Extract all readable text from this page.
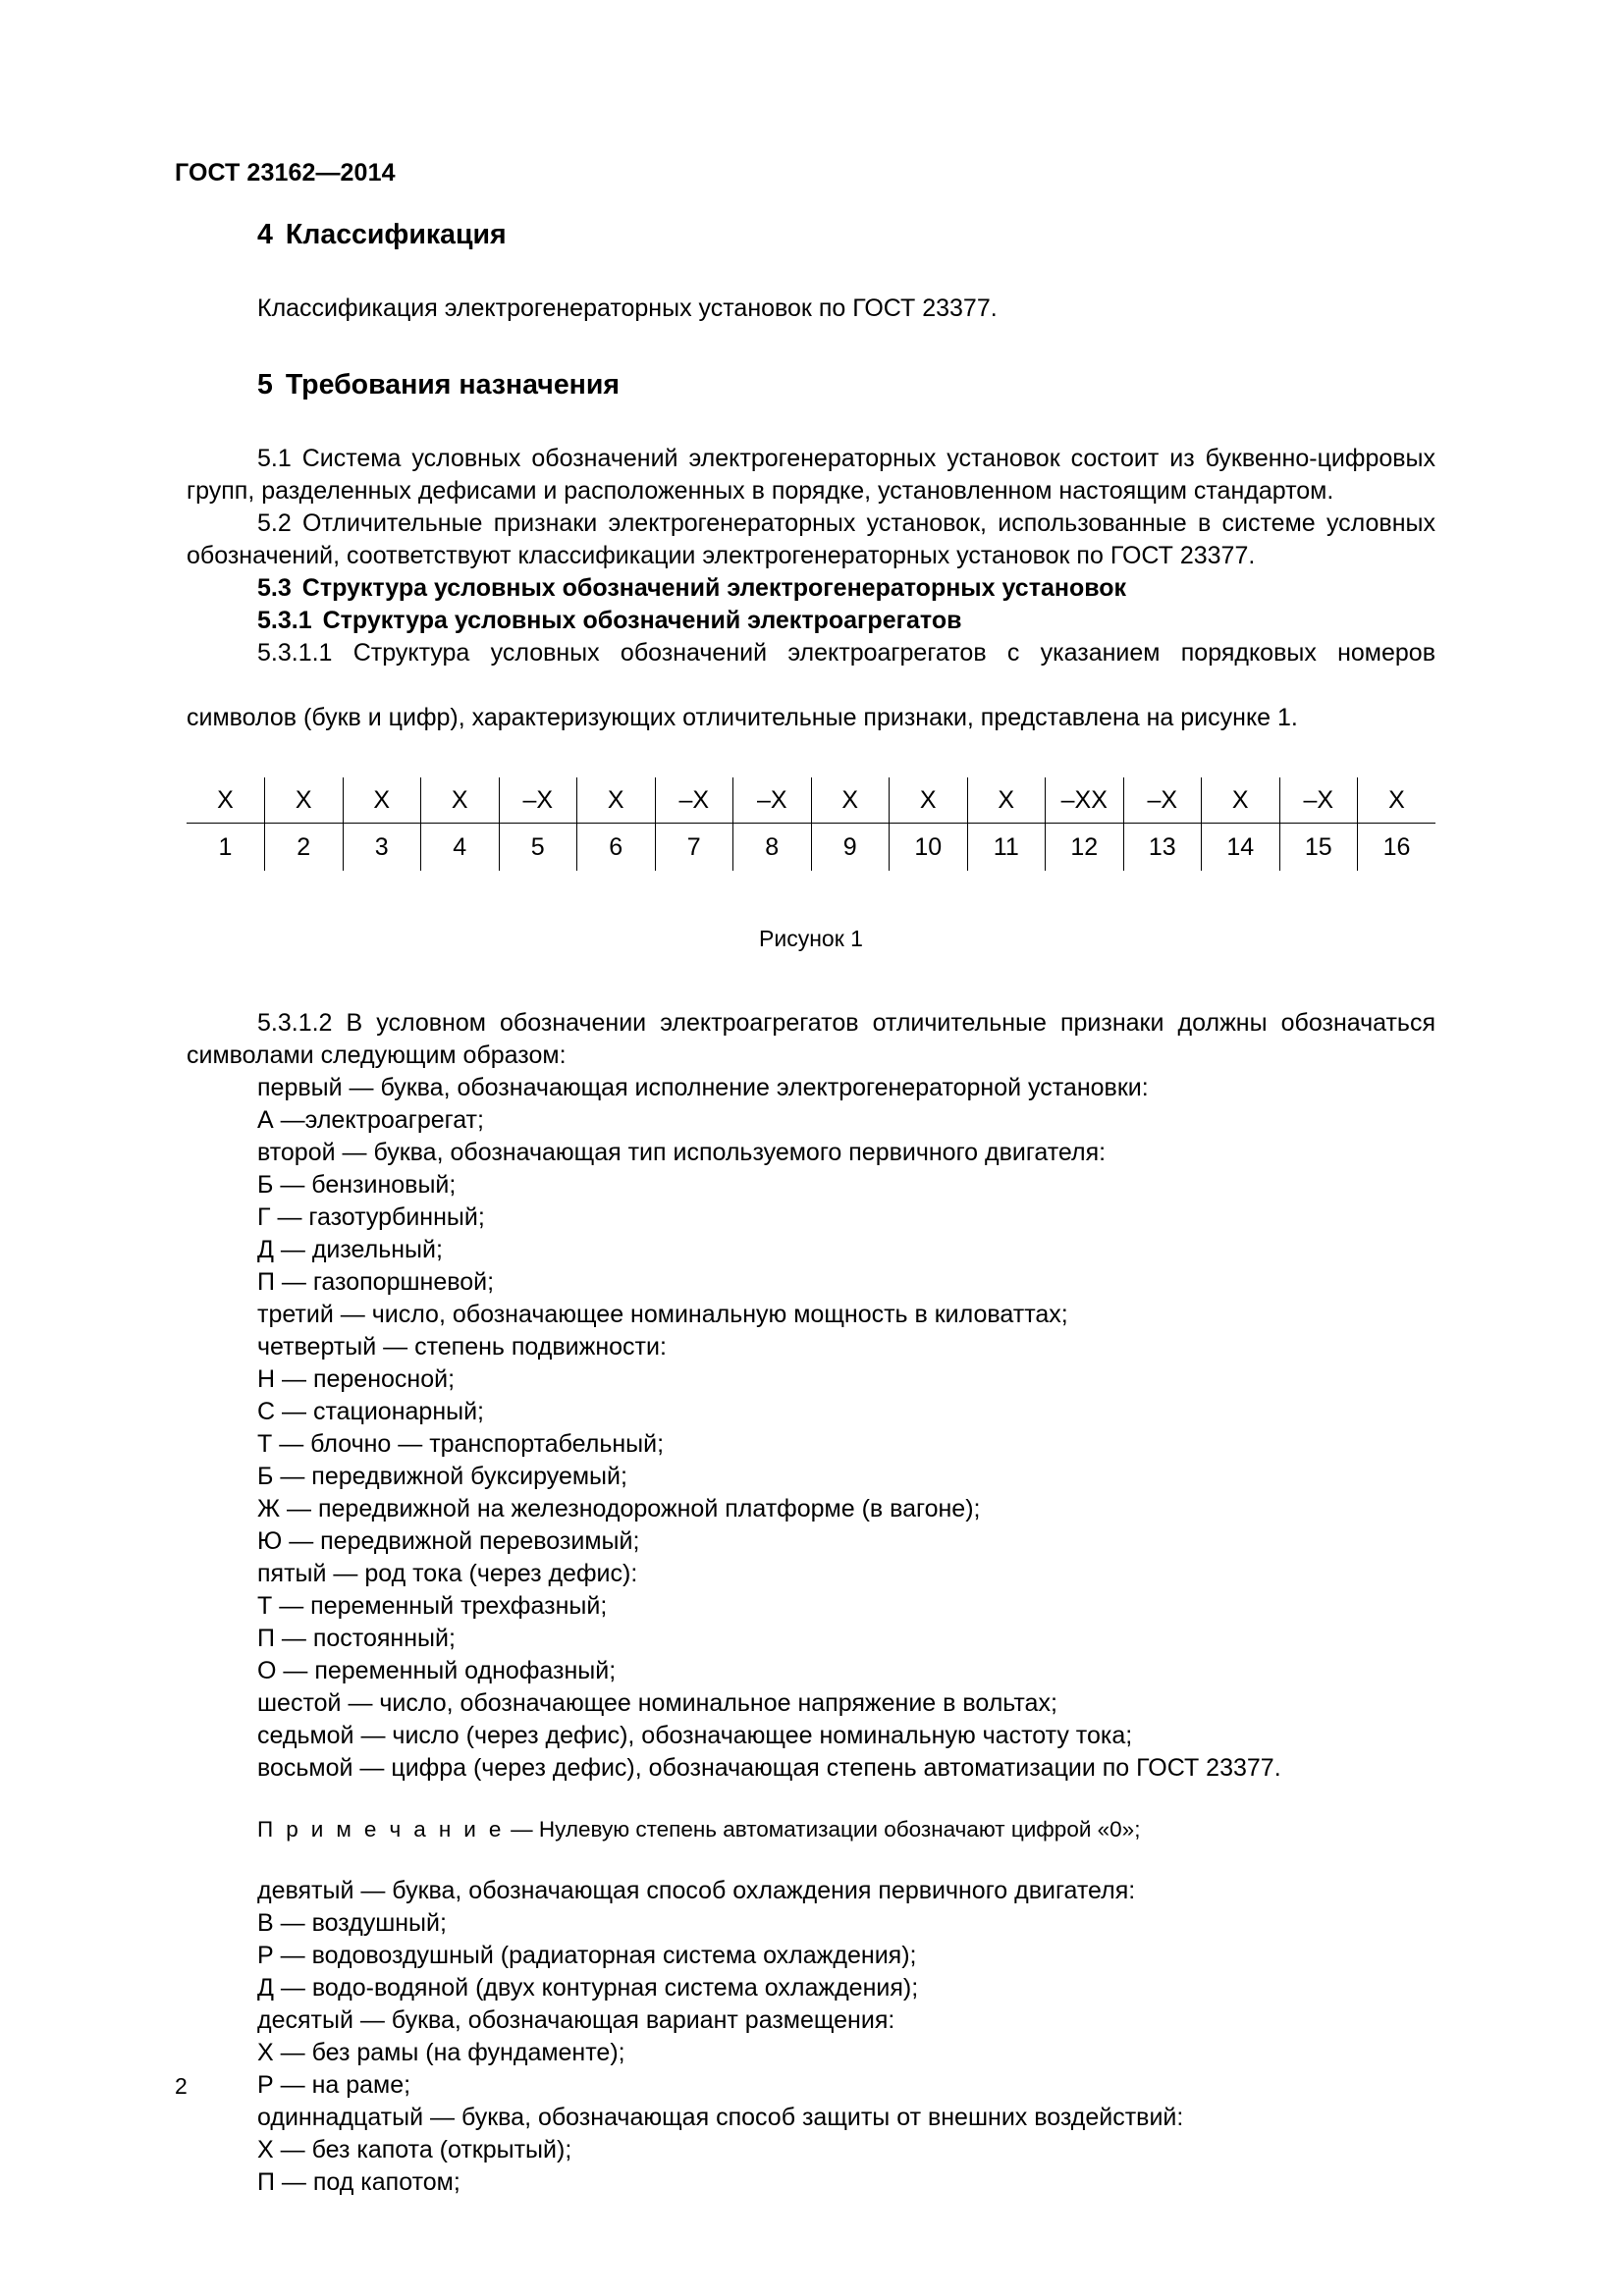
ГОСТ 23162—2014
4 Классификация

Классификация электрогенераторных установок по ГОСТ 23377.

5 Требования назначения

5.1 Система условных обозначений электрогенераторных установок состоит из буквенно-цифровых групп, разделенных дефисами и расположенных в порядке, установленном настоящим стандартом.

5.2 Отличительные признаки электрогенераторных установок, использованные в системе условных обозначений, соответствуют классификации электрогенераторных установок по ГОСТ 23377.

5.3 Структура условных обозначений электрогенераторных установок
5.3.1 Структура условных обозначений электроагрегатов

5.3.1.1 Структура условных обозначений электроагрегатов с указанием порядковых номеров

символов (букв и цифр), характеризующих отличительные признаки, представлена на рисунке 1.

X	X	X	X	–X	X	–X	–X	X	X	X	–XX	–X	X	–X	X
1	2	3	4	5	6	7	8	9	10	11	12	13	14	15	16
Рисунок 1

5.3.1.2 В условном обозначении электроагрегатов отличительные признаки должны обозначаться символами следующим образом:

первый — буква, обозначающая исполнение электрогенераторной установки:
А —электроагрегат;
второй — буква, обозначающая тип используемого первичного двигателя:
Б — бензиновый;
Г — газотурбинный;
Д — дизельный;
П — газопоршневой;
третий — число, обозначающее номинальную мощность в киловаттах;
четвертый — степень подвижности:
Н — переносной;
С — стационарный;
Т — блочно — транспортабельный;
Б — передвижной буксируемый;
Ж — передвижной на железнодорожной платформе (в вагоне);
Ю — передвижной перевозимый;
пятый — род тока (через дефис):
Т — переменный трехфазный;
П — постоянный;
О — переменный однофазный;
шестой — число, обозначающее номинальное напряжение в вольтах;
седьмой — число (через дефис), обозначающее номинальную частоту тока;
восьмой — цифра (через дефис), обозначающая степень автоматизации по ГОСТ 23377.
П р и м е ч а н и е — Нулевую степень автоматизации обозначают цифрой «0»;
девятый — буква, обозначающая способ охлаждения первичного двигателя:
В — воздушный;
Р — водовоздушный (радиаторная система охлаждения);
Д — водо-водяной (двух контурная система охлаждения);
десятый — буква, обозначающая вариант размещения:
Х — без рамы (на фундаменте);
Р — на раме;
одиннадцатый — буква, обозначающая способ защиты от внешних воздействий:
Х — без капота (открытый);
П — под капотом;
2
